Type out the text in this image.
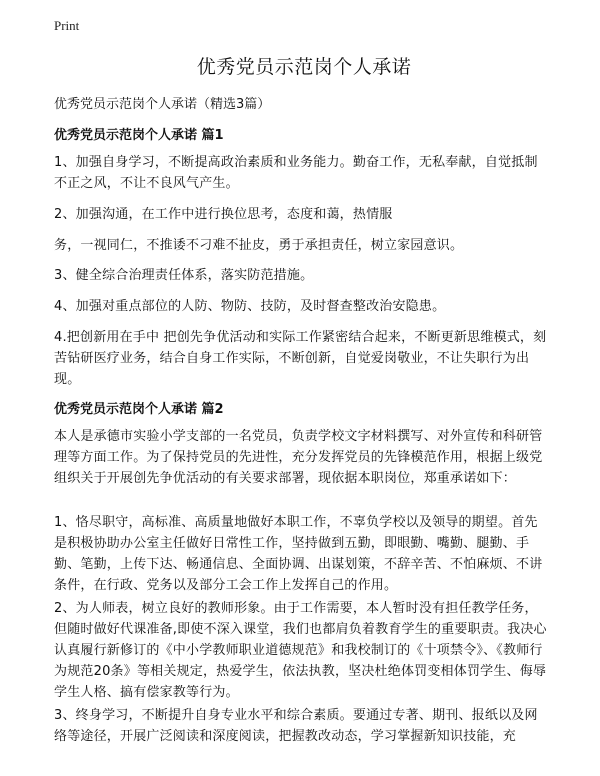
Print
优秀党员示范岗个人承诺

优秀党员示范岗个人承诺（精选3篇）

优秀党员示范岗个人承诺 篇1

1、加强自身学习，不断提高政治素质和业务能力。勤奋工作，无私奉献，自觉抵制不正之风，不让不良风气产生。

2、加强沟通，在工作中进行换位思考，态度和蔼，热情服

务，一视同仁，不推诿不刁难不扯皮，勇于承担责任，树立家园意识。

3、健全综合治理责任体系，落实防范措施。

4、加强对重点部位的人防、物防、技防，及时督查整改治安隐患。

4.把创新用在手中 把创先争优活动和实际工作紧密结合起来，不断更新思维模式，刻苦钻研医疗业务，结合自身工作实际，不断创新，自觉爱岗敬业，不让失职行为出现。

优秀党员示范岗个人承诺 篇2

本人是承德市实验小学支部的一名党员，负责学校文字材料撰写、对外宣传和科研管理等方面工作。为了保持党员的先进性，充分发挥党员的先锋模范作用，根据上级党组织关于开展创先争优活动的有关要求部署，现依据本职岗位，郑重承诺如下：

1、恪尽职守，高标准、高质量地做好本职工作，不辜负学校以及领导的期望。首先是积极协助办公室主任做好日常性工作，坚持做到五勤，即眼勤、嘴勤、腿勤、手勤、笔勤，上传下达、畅通信息、全面协调、出谋划策，不辞辛苦、不怕麻烦、不讲条件，在行政、党务以及部分工会工作上发挥自己的作用。

2、为人师表，树立良好的教师形象。由于工作需要，本人暂时没有担任教学任务，但随时做好代课准备,即使不深入课堂，我们也都肩负着教育学生的重要职责。我决心认真履行新修订的《中小学教师职业道德规范》和我校制订的《十项禁令》、《教师行为规范20条》等相关规定，热爱学生，依法执教，坚决杜绝体罚变相体罚学生、侮辱学生人格、搞有偿家教等行为。

3、终身学习，不断提升自身专业水平和综合素质。要通过专著、期刊、报纸以及网络等途径，开展广泛阅读和深度阅读，把握教改动态，学习掌握新知识技能，充
